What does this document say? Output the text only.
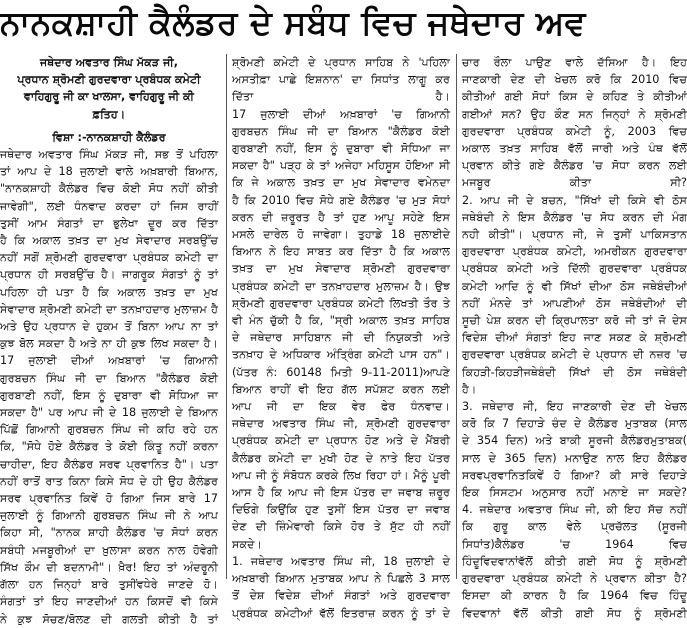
ਨਾਨਕਸ਼ਾਹੀ ਕੈਲੰਡਰ ਦੇ ਸਬੰਧ ਵਿਚ ਜਥੇਦਾਰ ਅਵ
ਜਥੇਦਾਰ ਅਵਤਾਰ ਸਿੰਘ ਮੱਕੜ ਜੀ,
ਪ੍ਰਧਾਨ ਸ਼੍ਰੋਮਣੀ ਗੁਰਦਵਾਰਾ ਪ੍ਰਬੰਧਕ ਕਮੇਟੀ
ਵਾਹਿਗੁਰੂ ਜੀ ਕਾ ਖਾਲਸਾ, ਵਾਹਿਗੁਰੂ ਜੀ ਕੀ
ਫ਼ਤਿਹ।
ਵਿਸ਼ਾ :-ਨਾਨਕਸ਼ਾਹੀ ਕੈਲੰਡਰ
ਜਥੇਦਾਰ ਅਵਤਾਰ ਸਿੰਘ ਮੱਕੜ ਜੀ, ਸਭ ਤੋਂ ਪਹਿਲਾ
ਤਾਂ ਆਪ ਦੇ 18 ਜੁਲਾਈ ਵਾਲੇ ਅਖ਼ਬਾਰੀ ਬਿਆਨ,
"ਨਾਨਕਸ਼ਾਹੀ ਕੈਲੰਡਰ ਵਿਚ ਕੋਈ ਸੋਧ ਨਹੀਂ ਕੀਤੀ
ਜਾਵੇਗੀ", ਲਈ ਧੰਨਵਾਦ ਕਰਦਾ ਹਾਂ ਜਿਸ ਰਾਹੀਂ
ਤੁਸੀਂ ਆਮ ਸੰਗਤਾਂ ਦਾ ਭੁਲੇਖਾ ਦੂਰ ਕਰ ਦਿੱਤਾ
ਹੈ ਕਿ ਅਕਾਲ ਤਖ਼ਤ ਦਾ ਮੁਖ ਸੇਵਾਦਾਰ ਸਰਬਉੱਚ
ਨਹੀਂ ਸਗੋਂ ਸ਼੍ਰੋਮਣੀ ਗੁਰਦਵਾਰਾ ਪ੍ਰਬੰਧਕ ਕਮੇਟੀ ਦਾ
ਪ੍ਰਧਾਨ ਹੀ ਸਰਬਉੱਚ ਹੈ। ਜਾਗਰੂਕ ਸੰਗਤਾਂ ਨੂੰ ਤਾਂ
ਪਹਿਲਾ ਹੀ ਪਤਾ ਹੈ ਕਿ ਅਕਾਲ ਤਖ਼ਤ ਦਾ ਮੁਖ
ਸੇਵਾਦਾਰ ਸ਼੍ਰੋਮਣੀ ਕਮੇਟੀ ਦਾ ਤਨਖ਼ਾਹਦਾਰ ਮੁਲਾਜ਼ਮ ਹੈ
ਅਤੇ ਉਹ ਪ੍ਰਧਾਨ ਦੇ ਹੁਕਮ ਤੋਂ ਬਿਨਾ ਆਪ ਨਾ ਤਾਂ
ਕੁਝ ਬੋਲ ਸਕਦਾ ਹੈ ਅਤੇ ਨਾ ਹੀ ਕੁਝ ਲਿਖ ਸਕਦਾ ਹੈ।
17 ਜੁਲਾਈ ਦੀਆਂ ਅਖ਼ਬਾਰਾਂ 'ਚ ਗਿਆਨੀ
ਗੁਰਬਚਨ ਸਿੰਘ ਜੀ ਦਾ ਬਿਆਨ "ਕੈਲੰਡਰ ਕੋਈ
ਗੁਰਬਾਣੀ ਨਹੀਂ, ਇਸ ਨੂੰ ਦੁਬਾਰਾ ਵੀ ਸੋਧਿਆ ਜਾ
ਸਕਦਾ ਹੈ" ਪਰ ਆਪ ਜੀ ਦੇ 18 ਜੁਲਾਈ ਦੇ ਬਿਆਨ
ਪਿੱਛੋਂ ਗਿਆਨੀ ਗੁਰਬਚਨ ਸਿੰਘ ਜੀ ਕਹਿ ਰਹੇ ਹਨ
ਕਿ, "ਸੋਧੇ ਹੋਏ ਕੈਲੰਡਰ ਤੇ ਕੋਈ ਕਿੰਤੂ ਨਹੀਂ ਕਰਨਾ
ਚਾਹੀਦਾ, ਇਹ ਕੈਲੰਡਰ ਸਰਵ ਪ੍ਰਵਾਨਿਤ ਹੈ"। ਪਤਾ
ਨਹੀਂ ਰਾਤੋਂ ਰਾਤ ਕਿਨਾ ਕਿਸੇ ਸੋਧ ਦੇ ਹੀ ਉਹ ਕੈਲੰਡਰ
ਸਰਵ ਪ੍ਰਵਾਨਿਤ ਕਿਵੇਂ ਹੋ ਗਿਆ ਜਿਸ ਬਾਰੇ 17
ਜੁਲਾਈ ਨੂੰ ਗਿਆਨੀ ਗੁਰਬਚਨ ਸਿੰਘ ਜੀ ਨੇ ਆਪ
ਕਿਹਾ ਸੀ, "ਨਾਨਕ ਸ਼ਾਹੀ ਕੈਲੰਡਰ 'ਚ ਸੋਧਾਂ ਕਰਨ
ਸਬੰਧੀ ਮਜਬੂਰੀਆਂ ਦਾ ਖ਼ੁਲਾਸਾ ਕਰਨ ਨਾਲ ਹੋਵੇਗੀ
ਸਿੱਖ ਕੌਮ ਦੀ ਬਦਨਾਮੀ"। ਖ਼ੈਰ! ਇਹ ਤਾਂ ਅੰਦਰੂਨੀ
ਗੱਲਾ ਹਨ ਜਿਨ੍ਹਾਂ ਬਾਰੇ ਤੁਸੀਂਵਧੇਰੇ ਜਾਣਦੇ ਹੋ।
ਸੰਗਤਾਂ ਤਾਂ ਇਹ ਜਾਣਦੀਆਂ ਹਨ ਕਿਸਦੋਂ ਵੀ ਕਿਸੇ
ਨੇ ਕੁਝ ਸੋਚਣ/ਬੋਲਣ ਦੀ ਗਲਤੀ ਕੀਤੀ ਹੈ ਤਾਂ
ਸ਼੍ਰੋਮਣੀ ਕਮੇਟੀ ਦੇ ਪ੍ਰਧਾਨ ਸਾਹਿਬ ਨੇ 'ਪਹਿਲਾ
ਅਸਤੀਫ਼ਾ ਪਾਛੇ ਇਸ਼ਨਾਨ' ਦਾ ਸਿਧਾਂਤ ਲਾਗੂ ਕਰ
ਦਿੱਤਾ ਹੈ।
17 ਜੁਲਾਈ ਦੀਆਂ ਅਖ਼ਬਾਰਾਂ 'ਚ ਗਿਆਨੀ
ਗੁਰਬਚਨ ਸਿੰਘ ਜੀ ਦਾ ਬਿਆਨ "ਕੈਲੰਡਰ ਕੋਈ
ਗੁਰਬਾਣੀ ਨਹੀਂ, ਇਸ ਨੂੰ ਦੁਬਾਰਾ ਵੀ ਸੋਧਿਆ ਜਾ
ਸਕਦਾ ਹੈ" ਪੜ੍ਹ ਕੇ ਤਾਂ ਅਜੇਹਾ ਮਹਿਸੂਸ ਹੋਇਆ ਸੀ
ਕਿ ਜੇ ਅਕਾਲ ਤਖ਼ਤ ਦਾ ਮੁਖ ਸੇਵਾਦਾਰ ਵਮੇਨਦਾ
ਹੈ ਕਿ 2010 ਵਿਚ ਸੋਧੇ ਗਏ ਕੈਲੰਡਰ 'ਚ ਮੁੜ ਸੋਧਾਂ
ਕਰਨ ਦੀ ਜ਼ਰੂਰਤ ਹੈ ਤਾਂ ਹੁਣ ਆਪੂ ਸਹੇਣੇ ਇਸ
ਮਸਲੇ ਦਾਰੇਲ ਹੋ ਜਾਵੇਗਾ। ਤੁਹਾਡੇ 18 ਜੁਲਾਈਦੇ
ਬਿਆਨ ਨੇ ਇਹ ਸਾਬਤ ਕਰ ਦਿੱਤਾ ਹੈ ਕਿ ਅਕਾਲ
ਤਖ਼ਤ ਦਾ ਮੁਖ ਸੇਵਾਦਾਰ ਸ਼੍ਰੋਮਣੀ ਗੁਰਦਵਾਰਾ
ਪ੍ਰਬੰਧਕ ਕਮੇਟੀ ਦਾ ਤਨਖ਼ਾਹਦਾਰ ਮੁਲਾਜ਼ਮ ਹੈ। ਉਝ
ਸ਼੍ਰੋਮਣੀ ਗੁਰਦਵਾਰਾ ਪ੍ਰਬੰਧਕ ਕਮੇਟੀ ਲਿਖਤੀ ਤੌਰ ਤੇ
ਵੀ ਮੰਨ ਚੁੱਕੀ ਹੈ ਕਿ, "ਸ੍ਰੀ ਅਕਾਲ ਤਖ਼ਤ ਸਾਹਿਬ
ਦੇ ਜਥੇਦਾਰ ਸਾਹਿਬਾਨ ਜੀ ਦੀ ਨਿਯੁਕਤੀ ਅਤੇ
ਤਨਖ਼ਾਹ ਦੇ ਅਧਿਕਾਰ ਅੰਤ੍ਰਿੰਗ ਕਮੇਟੀ ਪਾਸ ਹਨ"।
(ਪੱਤਰ ਨੰ: 60148 ਮਿਤੀ 9-11-2011)ਆਪਣੇ
ਬਿਆਨ ਰਾਹੀਂ ਵੀ ਇਹ ਗੱਲ ਸਪੱਸ਼ਟ ਕਰਨ ਲਈ
ਆਪ ਜੀ ਦਾ ਇਕ ਵੇਰ ਫੇਰ ਧੰਨਵਾਦ।
ਜਥੇਦਾਰ ਅਵਤਾਰ ਸਿੰਘ ਜੀ, ਸ਼੍ਰੋਮਣੀ ਗੁਰਦਵਾਰਾ
ਪ੍ਰਬੰਧਕ ਕਮੇਟੀ ਦਾ ਪ੍ਰਧਾਨ ਹੋਣ ਅਤੇ ਦੇ ਮੈਂਬਰੀ
ਕੈਲੰਡਰ ਕਮੇਟੀ ਦਾ ਮੁਖੀ ਹੋਣ ਦੇ ਨਾਤੇ ਇਹ ਪੱਤਰ
ਆਪ ਜੀ ਨੂੰ ਸੰਬੋਧਨ ਕਰਕੇ ਲਿਖ ਰਿਹਾ ਹਾਂ। ਮੈਨੂੰ ਪੂਰੀ
ਆਸ ਹੈ ਕਿ ਆਪ ਜੀ ਇਸ ਪੱਤਰ ਦਾ ਜਵਾਬ ਜ਼ਰੂਰ
ਦਿਓਗੇ ਕਿਉਂਕਿ ਹੁਣ ਤੁਸੀਂ ਇਸ ਪੱਤਰ ਦਾ ਜਵਾਬ
ਦੇਣ ਦੀ ਜ਼ਿੰਮੇਵਾਰੀ ਕਿਸੇ ਹੋਰ ਤੇ ਸੁੱਟ ਹੀ ਨਹੀਂ
ਸਕਦੇ।
1. ਜਥੇਦਾਰ ਅਵਤਾਰ ਸਿੰਘ ਜੀ, 18 ਜੁਲਾਈ ਦੇ
ਅਖ਼ਬਾਰੀ ਬਿਆਨ ਮੁਤਾਬਕ ਆਪ ਨੇ ਪਿਛਲੇ 3 ਸਾਲ
ਤੋਂ ਦੇਸ਼ ਵਿਦੇਸ਼ ਦੀਆਂ ਸੰਗਤਾਂ ਅਤੇ ਗੁਰਦਵਾਰਾ
ਪ੍ਰਬੰਧਕ ਕਮੇਟੀਆਂ ਵੱਲੋਂ ਇਤਰਾਜ਼ ਕਰਨ ਨੂੰ ਤਾਂ ਦੇ
ਚਾਰ ਰੌਲਾ ਪਾਉਣ ਵਾਲੇ ਦੱਸਿਆ ਹੈ। ਇਹ
ਜਾਣਕਾਰੀ ਦੇਣ ਦੀ ਖੇਚਲ ਕਰੋ ਕਿ 2010 ਵਿਚ
ਕੀਤੀਆਂ ਗਈ ਸੋਧਾਂ ਕਿਸ ਦੇ ਕਹਿਣ ਤੇ ਕੀਤੀਆਂ
ਗਈਆਂ ਸਨ? ਉਹ ਕੌਣ ਸਨ ਜਿਨ੍ਹਾਂ ਨੇ ਸ਼੍ਰੋਮਣੀ
ਗੁਰਦਵਾਰਾ ਪ੍ਰਬੰਧਕ ਕਮੇਟੀ ਨੂੰ, 2003 ਵਿਚ
ਅਕਾਲ ਤਖ਼ਤ ਸਾਹਿਬ ਵੱਲੋਂ ਜਾਰੀ ਅਤੇ ਪੰਥ ਵੱਲੋਂ
ਪ੍ਰਵਾਨ ਕੀਤੇ ਗਏ ਕੈਲੰਡਰ 'ਚ ਸੋਧਾ ਕਰਨ ਲਈ
ਮਜਬੂਰ ਕੀਤਾ ਸੀ?
2. ਆਪ ਜੀ ਦੇ ਬਚਨ, "ਸਿੱਖਾਂ ਦੀ ਕਿਸੇ ਵੀ ਠੋਸ
ਜਥੇਬੰਦੀ ਨੇ ਇਸ ਕੈਲੰਡਰ 'ਚ ਸੋਧ ਕਰਨ ਦੀ ਮੰਗ
ਨਹੀ ਕੀਤੀ"। ਪ੍ਰਧਾਨ ਜੀ, ਜੇ ਤੁਸੀਂ ਪਾਕਿਸਤਾਨ
ਗੁਰਦਵਾਰਾ ਪ੍ਰਬੰਧਕ ਕਮੇਟੀ, ਅਮਰੀਕਨ ਗੁਰਦਵਾਰਾ
ਪ੍ਰਬੰਧਕ ਕਮੇਟੀ ਅਤੇ ਦਿੱਲੀ ਗੁਰਦਵਾਰਾ ਪ੍ਰਬੰਧਕ
ਕਮੇਟੀ ਆਦਿ ਨੂੰ ਵੀ ਸਿੱਖਾਂ ਦੀਆ ਠੋਸ ਜਥੇਬੰਦੀਆਂ
ਨਹੀਂ ਮੰਨਦੇ ਤਾਂ ਆਪਣੀਆਂ ਠੋਸ ਜਥੇਬੰਦੀਆਂ ਦੀ
ਸੂਚੀ ਪੇਸ਼ ਕਰਨ ਦੀ ਕ੍ਰਿਪਾਲਤਾ ਕਰੋ ਜੀ ਤਾਂ ਜੋ ਦੇਸ
ਵਿਦੇਸ਼ ਦੀਆਂ ਸੰਗਤਾਂ ਇਹ ਜਾਣ ਸਕਣ ਕੇ ਸ਼੍ਰੋਮਣੀ
ਗੁਰਦਵਾਰਾ ਪ੍ਰਬੰਧਕ ਕਮੇਟੀ ਦੇ ਪ੍ਰਧਾਨ ਦੀ ਨਜ਼ਰ 'ਚ
ਕਿਹੜੀ-ਕਿਹੜੀਜਥੇਬੰਦੀ ਸਿੱਖਾਂ ਦੀ ਠੋਸ ਜਥੇਬੰਦੀ
ਹੈ।
3. ਜਥੇਦਾਰ ਜੀ, ਇਹ ਜਾਣਕਾਰੀ ਦੇਣ ਦੀ ਖੇਚਲ
ਕਰੋ ਕਿ 7 ਦਿਹਾੜੇ ਚੰਦ ਦੇ ਕੈਲੰਡਰ ਮੁਤਾਬਕ (ਸਾਲ
ਦੇ 354 ਦਿਨ) ਅਤੇ ਬਾਕੀ ਸੂਰਜੀ ਕੈਲੰਡਰਮੁਤਾਬਕ(
ਸਾਲ ਦੇ 365 ਦਿਨ) ਮਨਾਉਣ ਨਾਲ ਇਹ ਕੈਲੰਡਰ
ਸਰਵਪ੍ਰਵਾਨਿਤਕਿਵੇਂ ਹੋ ਗਿਆ? ਕੀ ਸਾਰੇ ਦਿਹਾੜੇ
ਇਕ ਸਿਸਟਮ ਅਨੁਸਾਰ ਨਹੀਂ ਮਨਾਏ ਜਾ ਸਕਦੇ?
4. ਜਥੇਦਾਰ ਅਵਤਾਰ ਸਿੰਘ ਜੀ, ਕੀ ਇਹ ਸੱਚ ਨਹੀਂ
ਕਿ ਗੁਰੂ ਕਾਲ ਵੇਲੇ ਪ੍ਰਚੱਲਤ (ਸੂਰਜੀ
ਸਿਧਾਂਤ)ਕੈਲੰਡਰ 'ਚ 1964 ਵਿਚ
ਹਿੰਦੂਵਿਦਵਾਨਾਂਵੱਲੋਂ ਕੀਤੀ ਗਈ ਸੋਧ ਨੂੰ ਸ਼੍ਰੋਮਣੀ
ਗੁਰਦਵਾਰਾ ਪ੍ਰਬੰਧਕ ਕਮੇਟੀ ਨੇ ਪ੍ਰਵਾਨ ਕੀਤਾ ਹੈ?
ਇਸਦਾ ਕੀ ਕਾਰਨ ਹੈ ਕਿ 1964 ਵਿਚ ਹਿੰਦੂ
ਵਿਦਵਾਨਾਂ ਵੱਲੋਂ ਕੀਤੀ ਗਈ ਸੋਧ ਨੂੰ ਸ਼੍ਰੋਮਣੀ
